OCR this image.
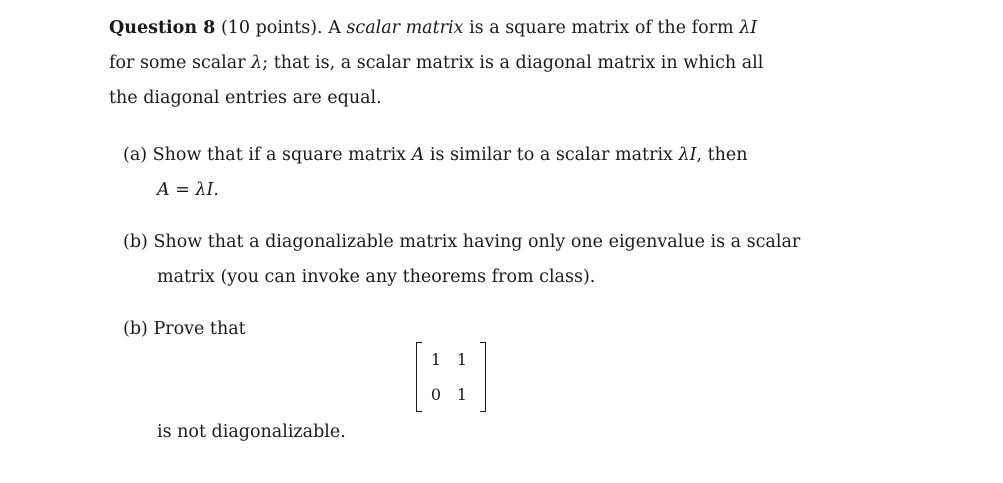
Question 8 (10 points). A scalar matrix is a square matrix of the form λI
for some scalar λ; that is, a scalar matrix is a diagonal matrix in which all
the diagonal entries are equal.
(a) Show that if a square matrix A is similar to a scalar matrix λI, then
A = λI.
(b) Show that a diagonalizable matrix having only one eigenvalue is a scalar
matrix (you can invoke any theorems from class).
(b) Prove that
1 1
0 1
is not diagonalizable.
